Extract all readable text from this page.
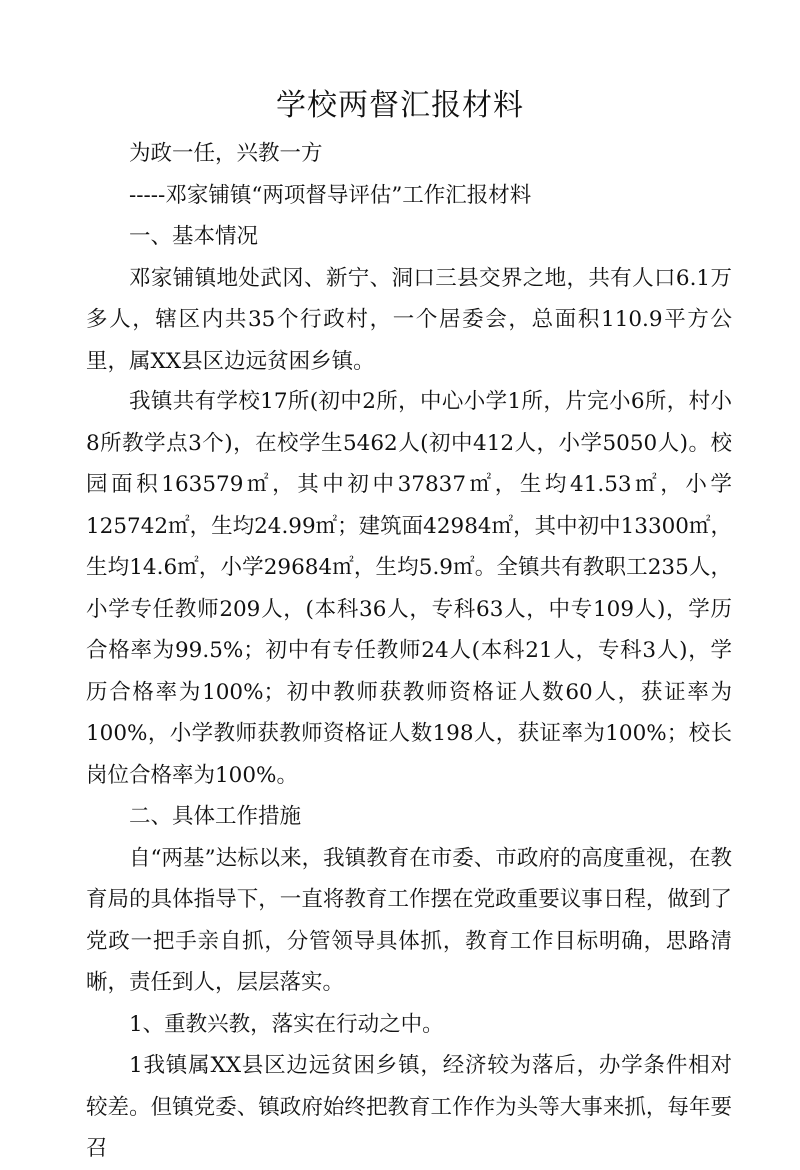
学校两督汇报材料

为政一任，兴教一方

-----邓家铺镇“两项督导评估”工作汇报材料

一、基本情况

邓家铺镇地处武冈、新宁、洞口三县交界之地，共有人口6.1万多人，辖区内共35个行政村，一个居委会，总面积110.9平方公里，属XX县区边远贫困乡镇。

我镇共有学校17所(初中2所，中心小学1所，片完小6所，村小8所教学点3个)，在校学生5462人(初中412人，小学5050人)。校园面积163579㎡，其中初中37837㎡，生均41.53㎡，小学125742㎡，生均24.99㎡；建筑面42984㎡，其中初中13300㎡，生均14.6㎡，小学29684㎡，生均5.9㎡。全镇共有教职工235人，小学专任教师209人，(本科36人，专科63人，中专109人)，学历合格率为99.5%；初中有专任教师24人(本科21人，专科3人)，学历合格率为100%；初中教师获教师资格证人数60人，获证率为100%，小学教师获教师资格证人数198人，获证率为100%；校长岗位合格率为100%。

二、具体工作措施

自“两基”达标以来，我镇教育在市委、市政府的高度重视，在教育局的具体指导下，一直将教育工作摆在党政重要议事日程，做到了党政一把手亲自抓，分管领导具体抓，教育工作目标明确，思路清晰，责任到人，层层落实。

1、重教兴教，落实在行动之中。

1我镇属XX县区边远贫困乡镇，经济较为落后，办学条件相对较差。但镇党委、镇政府始终把教育工作作为头等大事来抓，每年要召
